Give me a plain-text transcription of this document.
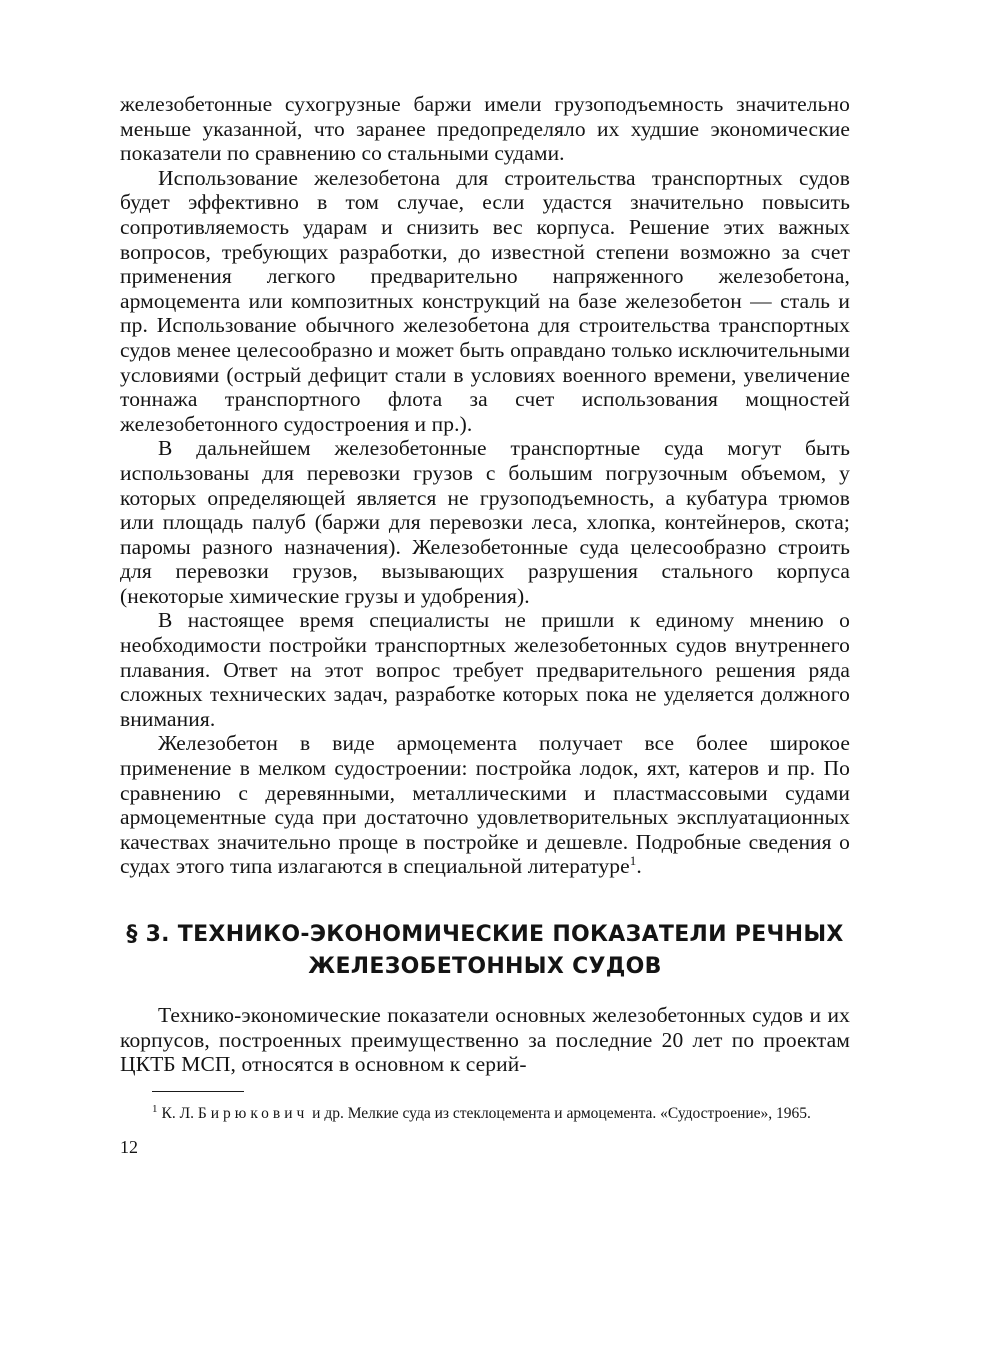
железобетонные сухогрузные баржи имели грузоподъемность значительно меньше указанной, что заранее предопределяло их худшие экономические показатели по сравнению со стальными судами.

Использование железобетона для строительства транспортных судов будет эффективно в том случае, если удастся значительно повысить сопротивляемость ударам и снизить вес корпуса. Решение этих важных вопросов, требующих разработки, до известной степени возможно за счет применения легкого предварительно напряженного железобетона, армоцемента или композитных конструкций на базе железобетон — сталь и пр. Использование обычного железобетона для строительства транспортных судов менее целесообразно и может быть оправдано только исключительными условиями (острый дефицит стали в условиях военного времени, увеличение тоннажа транспортного флота за счет использования мощностей железобетонного судостроения и пр.).

В дальнейшем железобетонные транспортные суда могут быть использованы для перевозки грузов с большим погрузочным объемом, у которых определяющей является не грузоподъемность, а кубатура трюмов или площадь палуб (баржи для перевозки леса, хлопка, контейнеров, скота; паромы разного назначения). Железобетонные суда целесообразно строить для перевозки грузов, вызывающих разрушения стального корпуса (некоторые химические грузы и удобрения).

В настоящее время специалисты не пришли к единому мнению о необходимости постройки транспортных железобетонных судов внутреннего плавания. Ответ на этот вопрос требует предварительного решения ряда сложных технических задач, разработке которых пока не уделяется должного внимания.

Железобетон в виде армоцемента получает все более широкое применение в мелком судостроении: постройка лодок, яхт, катеров и пр. По сравнению с деревянными, металлическими и пластмассовыми судами армоцементные суда при достаточно удовлетворительных эксплуатационных качествах значительно проще в постройке и дешевле. Подробные сведения о судах этого типа излагаются в специальной литературе$^1$.

§ 3. ТЕХНИКО-ЭКОНОМИЧЕСКИЕ ПОКАЗАТЕЛИ РЕЧНЫХ
ЖЕЛЕЗОБЕТОННЫХ СУДОВ

Технико-экономические показатели основных железобетонных судов и их корпусов, построенных преимущественно за последние 20 лет по проектам ЦКТБ МСП, относятся в основном к серий-

$^1$ К. Л. Бирюкович и др. Мелкие суда из стеклоцемента и армоцемента. «Судостроение», 1965.

12
